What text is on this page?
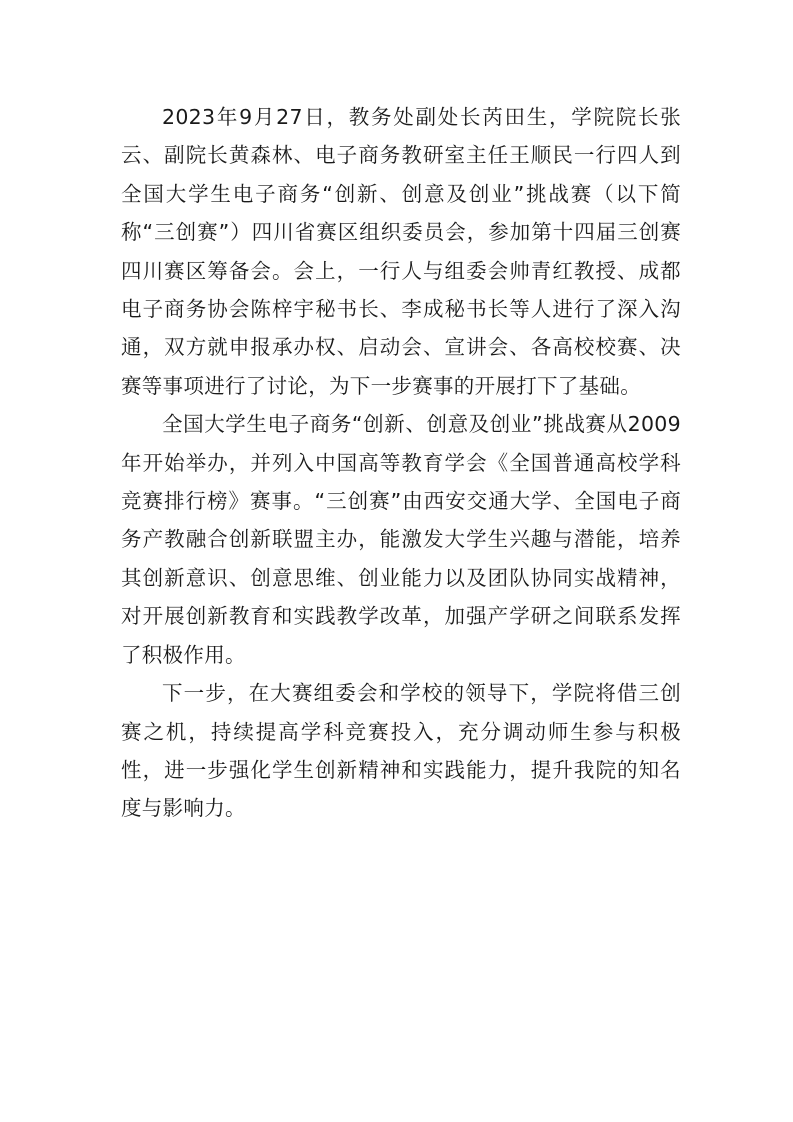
2023年9月27日，教务处副处长芮田生，学院院长张云、副院长黄森林、电子商务教研室主任王顺民一行四人到全国大学生电子商务“创新、创意及创业”挑战赛（以下简称“三创赛”）四川省赛区组织委员会，参加第十四届三创赛四川赛区筹备会。会上，一行人与组委会帅青红教授、成都电子商务协会陈梓宇秘书长、李成秘书长等人进行了深入沟通，双方就申报承办权、启动会、宣讲会、各高校校赛、决赛等事项进行了讨论，为下一步赛事的开展打下了基础。

全国大学生电子商务“创新、创意及创业”挑战赛从2009年开始举办，并列入中国高等教育学会《全国普通高校学科竞赛排行榜》赛事。“三创赛”由西安交通大学、全国电子商务产教融合创新联盟主办，能激发大学生兴趣与潜能，培养其创新意识、创意思维、创业能力以及团队协同实战精神，对开展创新教育和实践教学改革，加强产学研之间联系发挥了积极作用。

下一步，在大赛组委会和学校的领导下，学院将借三创赛之机，持续提高学科竞赛投入，充分调动师生参与积极性，进一步强化学生创新精神和实践能力，提升我院的知名度与影响力。
